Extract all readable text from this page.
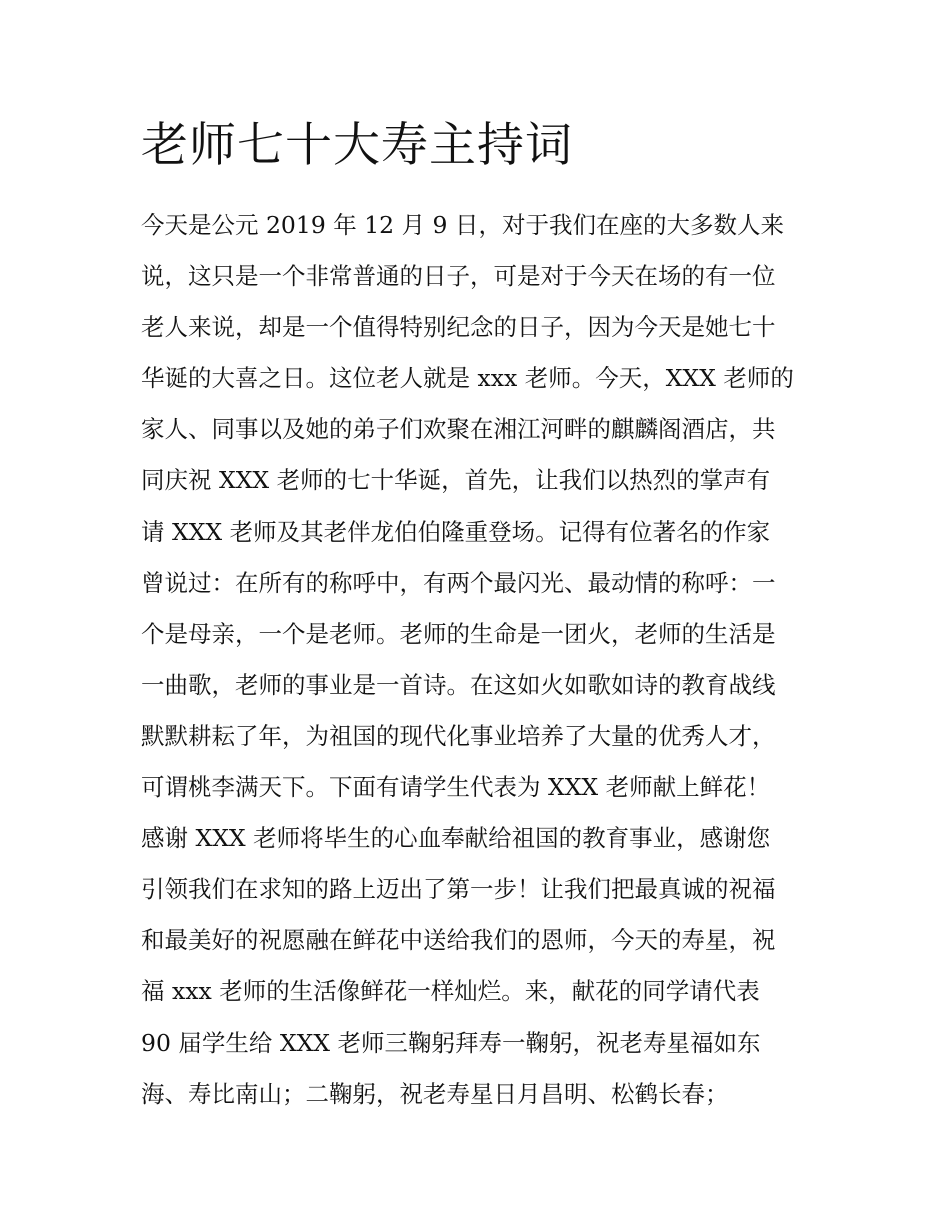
老师七十大寿主持词
今天是公元 2019 年 12 月 9 日，对于我们在座的大多数人来
说，这只是一个非常普通的日子，可是对于今天在场的有一位
老人来说，却是一个值得特别纪念的日子，因为今天是她七十
华诞的大喜之日。这位老人就是 xxx 老师。今天，XXX 老师的
家人、同事以及她的弟子们欢聚在湘江河畔的麒麟阁酒店，共
同庆祝 XXX 老师的七十华诞，首先，让我们以热烈的掌声有
请 XXX 老师及其老伴龙伯伯隆重登场。记得有位著名的作家
曾说过：在所有的称呼中，有两个最闪光、最动情的称呼：一
个是母亲，一个是老师。老师的生命是一团火，老师的生活是
一曲歌，老师的事业是一首诗。在这如火如歌如诗的教育战线
默默耕耘了年，为祖国的现代化事业培养了大量的优秀人才，
可谓桃李满天下。下面有请学生代表为 XXX 老师献上鲜花！
感谢 XXX 老师将毕生的心血奉献给祖国的教育事业，感谢您
引领我们在求知的路上迈出了第一步！让我们把最真诚的祝福
和最美好的祝愿融在鲜花中送给我们的恩师，今天的寿星，祝
福 xxx 老师的生活像鲜花一样灿烂。来，献花的同学请代表
90 届学生给 XXX 老师三鞠躬拜寿一鞠躬，祝老寿星福如东
海、寿比南山；二鞠躬，祝老寿星日月昌明、松鹤长春；
